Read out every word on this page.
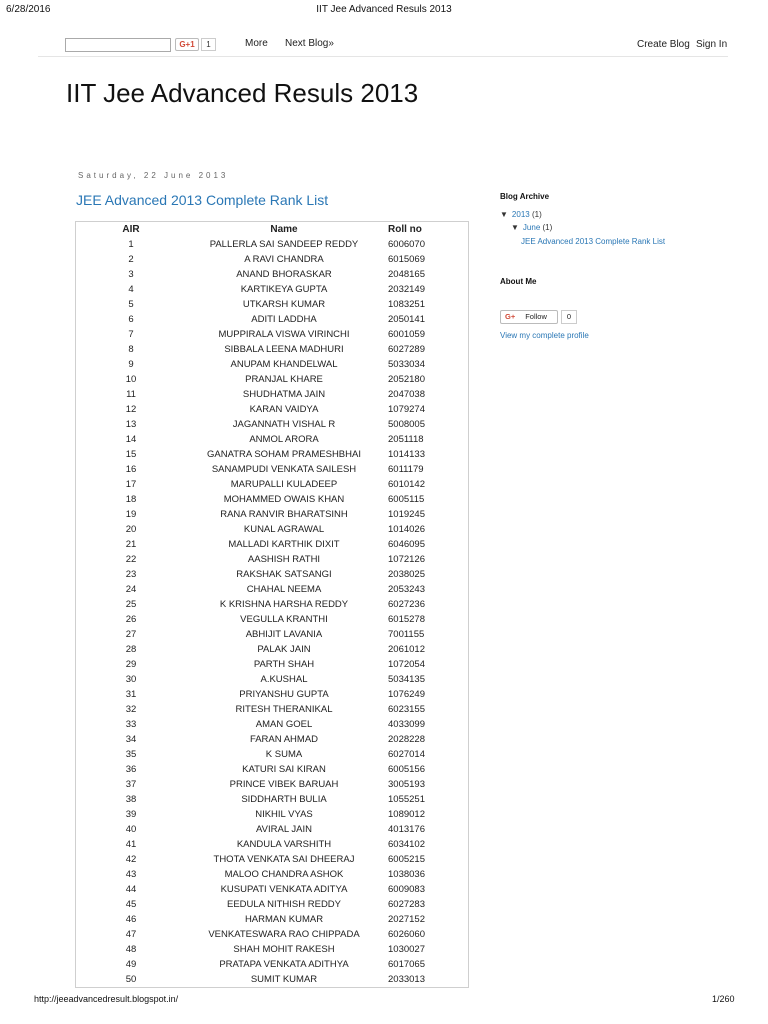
6/28/2016	IIT Jee Advanced Resuls 2013
G+1	1	More Next Blog»	Create Blog Sign In
IIT Jee Advanced Resuls 2013
Saturday, 22 June 2013
JEE Advanced 2013 Complete Rank List
AIR	Name	Roll no
1	PALLERLA SAI SANDEEP REDDY	6006070
2	A RAVI CHANDRA	6015069
3	ANAND BHORASKAR	2048165
4	KARTIKEYA GUPTA	2032149
5	UTKARSH KUMAR	1083251
6	ADITI LADDHA	2050141
7	MUPPIRALA VISWA VIRINCHI	6001059
8	SIBBALA LEENA MADHURI	6027289
9	ANUPAM KHANDELWAL	5033034
10	PRANJAL KHARE	2052180
11	SHUDHATMA JAIN	2047038
12	KARAN VAIDYA	1079274
13	JAGANNATH VISHAL R	5008005
14	ANMOL ARORA	2051118
15	GANATRA SOHAM PRAMESHBHAI	1014133
16	SANAMPUDI VENKATA SAILESH	6011179
17	MARUPALLI KULADEEP	6010142
18	MOHAMMED OWAIS KHAN	6005115
19	RANA RANVIR BHARATSINH	1019245
20	KUNAL AGRAWAL	1014026
21	MALLADI KARTHIK DIXIT	6046095
22	AASHISH RATHI	1072126
23	RAKSHAK SATSANGI	2038025
24	CHAHAL NEEMA	2053243
25	K KRISHNA HARSHA REDDY	6027236
26	VEGULLA KRANTHI	6015278
27	ABHIJIT LAVANIA	7001155
28	PALAK JAIN	2061012
29	PARTH SHAH	1072054
30	A.KUSHAL	5034135
31	PRIYANSHU GUPTA	1076249
32	RITESH THERANIKAL	6023155
33	AMAN GOEL	4033099
34	FARAN AHMAD	2028228
35	K SUMA	6027014
36	KATURI SAI KIRAN	6005156
37	PRINCE VIBEK BARUAH	3005193
38	SIDDHARTH BULIA	1055251
39	NIKHIL VYAS	1089012
40	AVIRAL JAIN	4013176
41	KANDULA VARSHITH	6034102
42	THOTA VENKATA SAI DHEERAJ	6005215
43	MALOO CHANDRA ASHOK	1038036
44	KUSUPATI VENKATA ADITYA	6009083
45	EEDULA NITHISH REDDY	6027283
46	HARMAN KUMAR	2027152
47	VENKATESWARA RAO CHIPPADA	6026060
48	SHAH MOHIT RAKESH	1030027
49	PRATAPA VENKATA ADITHYA	6017065
50	SUMIT KUMAR	2033013
Blog Archive
▼ 2013 (1)
▼ June (1)
JEE Advanced 2013 Complete Rank List
About Me
G+ Follow	0
View my complete profile
http://jeeadvancedresult.blogspot.in/	1/260
